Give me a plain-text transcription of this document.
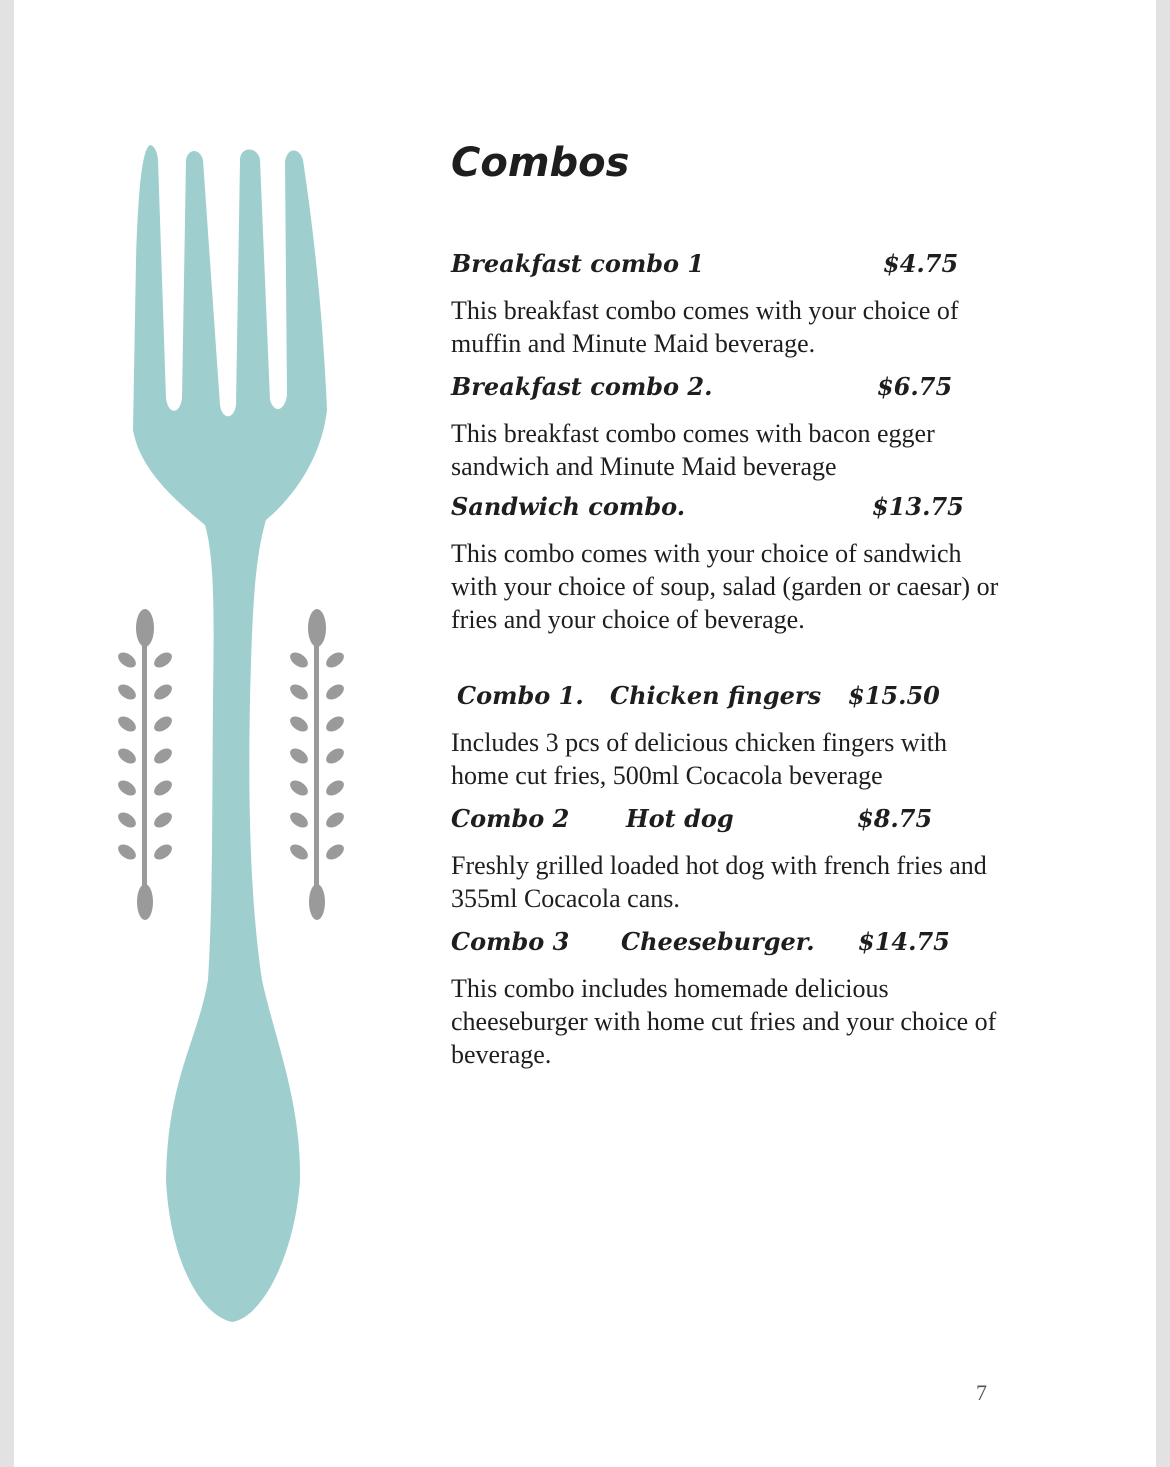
Combos
Breakfast combo 1	$4.75
This breakfast combo comes with your choice of muffin and Minute Maid beverage.
Breakfast combo 2.	$6.75
This breakfast combo comes with bacon egger sandwich and Minute Maid beverage
Sandwich combo.	$13.75
This combo comes with your choice of sandwich with your choice of soup, salad (garden or caesar) or fries and your choice of beverage.
Combo 1. Chicken fingers $15.50
Includes 3 pcs of delicious chicken fingers with home cut fries, 500ml Cocacola beverage
Combo 2 Hot dog	$8.75
Freshly grilled loaded hot dog with french fries and 355ml Cocacola cans.
Combo 3 Cheeseburger. $14.75
This combo includes homemade delicious cheeseburger with home cut fries and your choice of beverage.
7
